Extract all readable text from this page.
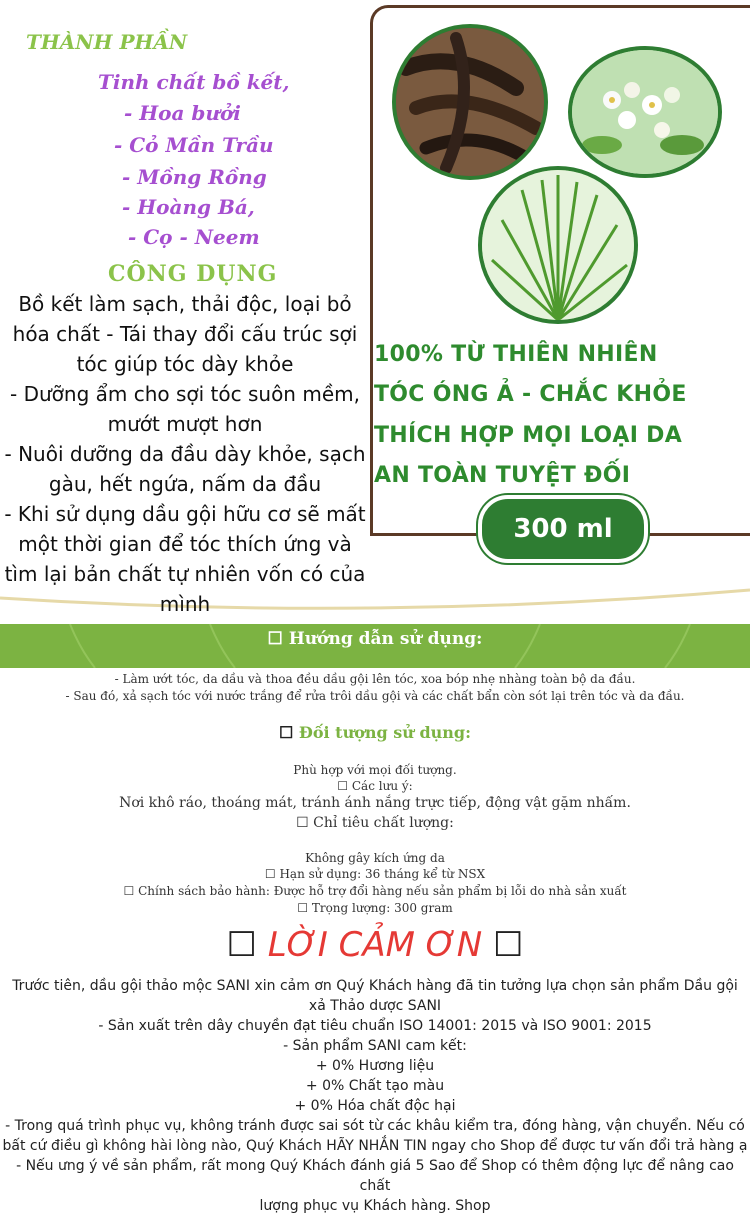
THÀNH PHẦN
Tinh chất bồ kết,
- Hoa bưởi
- Cỏ Mần Trầu
- Mồng Rồng
- Hoàng Bá,
- Cọ - Neem
CÔNG DỤNG
Bồ kết làm sạch, thải độc, loại bỏ
hóa chất - Tái thay đổi cấu trúc sợi
tóc giúp tóc dày khỏe
- Dưỡng ẩm cho sợi tóc suôn mềm,
mướt mượt hơn
- Nuôi dưỡng da đầu dày khỏe, sạch
gàu, hết ngứa, nấm da đầu
- Khi sử dụng dầu gội hữu cơ sẽ mất
một thời gian để tóc thích ứng và
tìm lại bản chất tự nhiên vốn có của
mình
100% TỪ THIÊN NHIÊN
TÓC ÓNG Ả - CHẮC KHỎE
THÍCH HỢP MỌI LOẠI DA
AN TOÀN TUYỆT ĐỐI
300 ml
☐ Hướng dẫn sử dụng:
- Làm ướt tóc, da dầu và thoa đều dầu gội lên tóc, xoa bóp nhẹ nhàng toàn bộ da đầu.
- Sau đó, xả sạch tóc với nước trắng để rửa trôi dầu gội và các chất bẩn còn sót lại trên tóc và da đầu.
☐ Đối tượng sử dụng:
Phù hợp với mọi đối tượng.
☐ Các lưu ý:
Nơi khô ráo, thoáng mát, tránh ánh nắng trực tiếp, động vật gặm nhấm.
☐ Chỉ tiêu chất lượng:
Không gây kích ứng da
☐ Hạn sử dụng: 36 tháng kể từ NSX
☐ Chính sách bảo hành: Được hỗ trợ đổi hàng nếu sản phẩm bị lỗi do nhà sản xuất
☐ Trọng lượng: 300 gram
☐ LỜI CẢM ƠN ☐
Trước tiên, dầu gội thảo mộc SANI xin cảm ơn Quý Khách hàng đã tin tưởng lựa chọn sản phẩm Dầu gội
xả Thảo dược SANI
- Sản xuất trên dây chuyền đạt tiêu chuẩn ISO 14001: 2015 và ISO 9001: 2015
- Sản phẩm SANI cam kết:
+ 0% Hương liệu
+ 0% Chất tạo màu
+ 0% Hóa chất độc hại
- Trong quá trình phục vụ, không tránh được sai sót từ các khâu kiểm tra, đóng hàng, vận chuyển. Nếu có
bất cứ điều gì không hài lòng nào, Quý Khách HÃY NHẮN TIN ngay cho Shop để được tư vấn đổi trả hàng ạ
- Nếu ưng ý về sản phẩm, rất mong Quý Khách đánh giá 5 Sao để Shop có thêm động lực để nâng cao chất
lượng phục vụ Khách hàng. Shop
